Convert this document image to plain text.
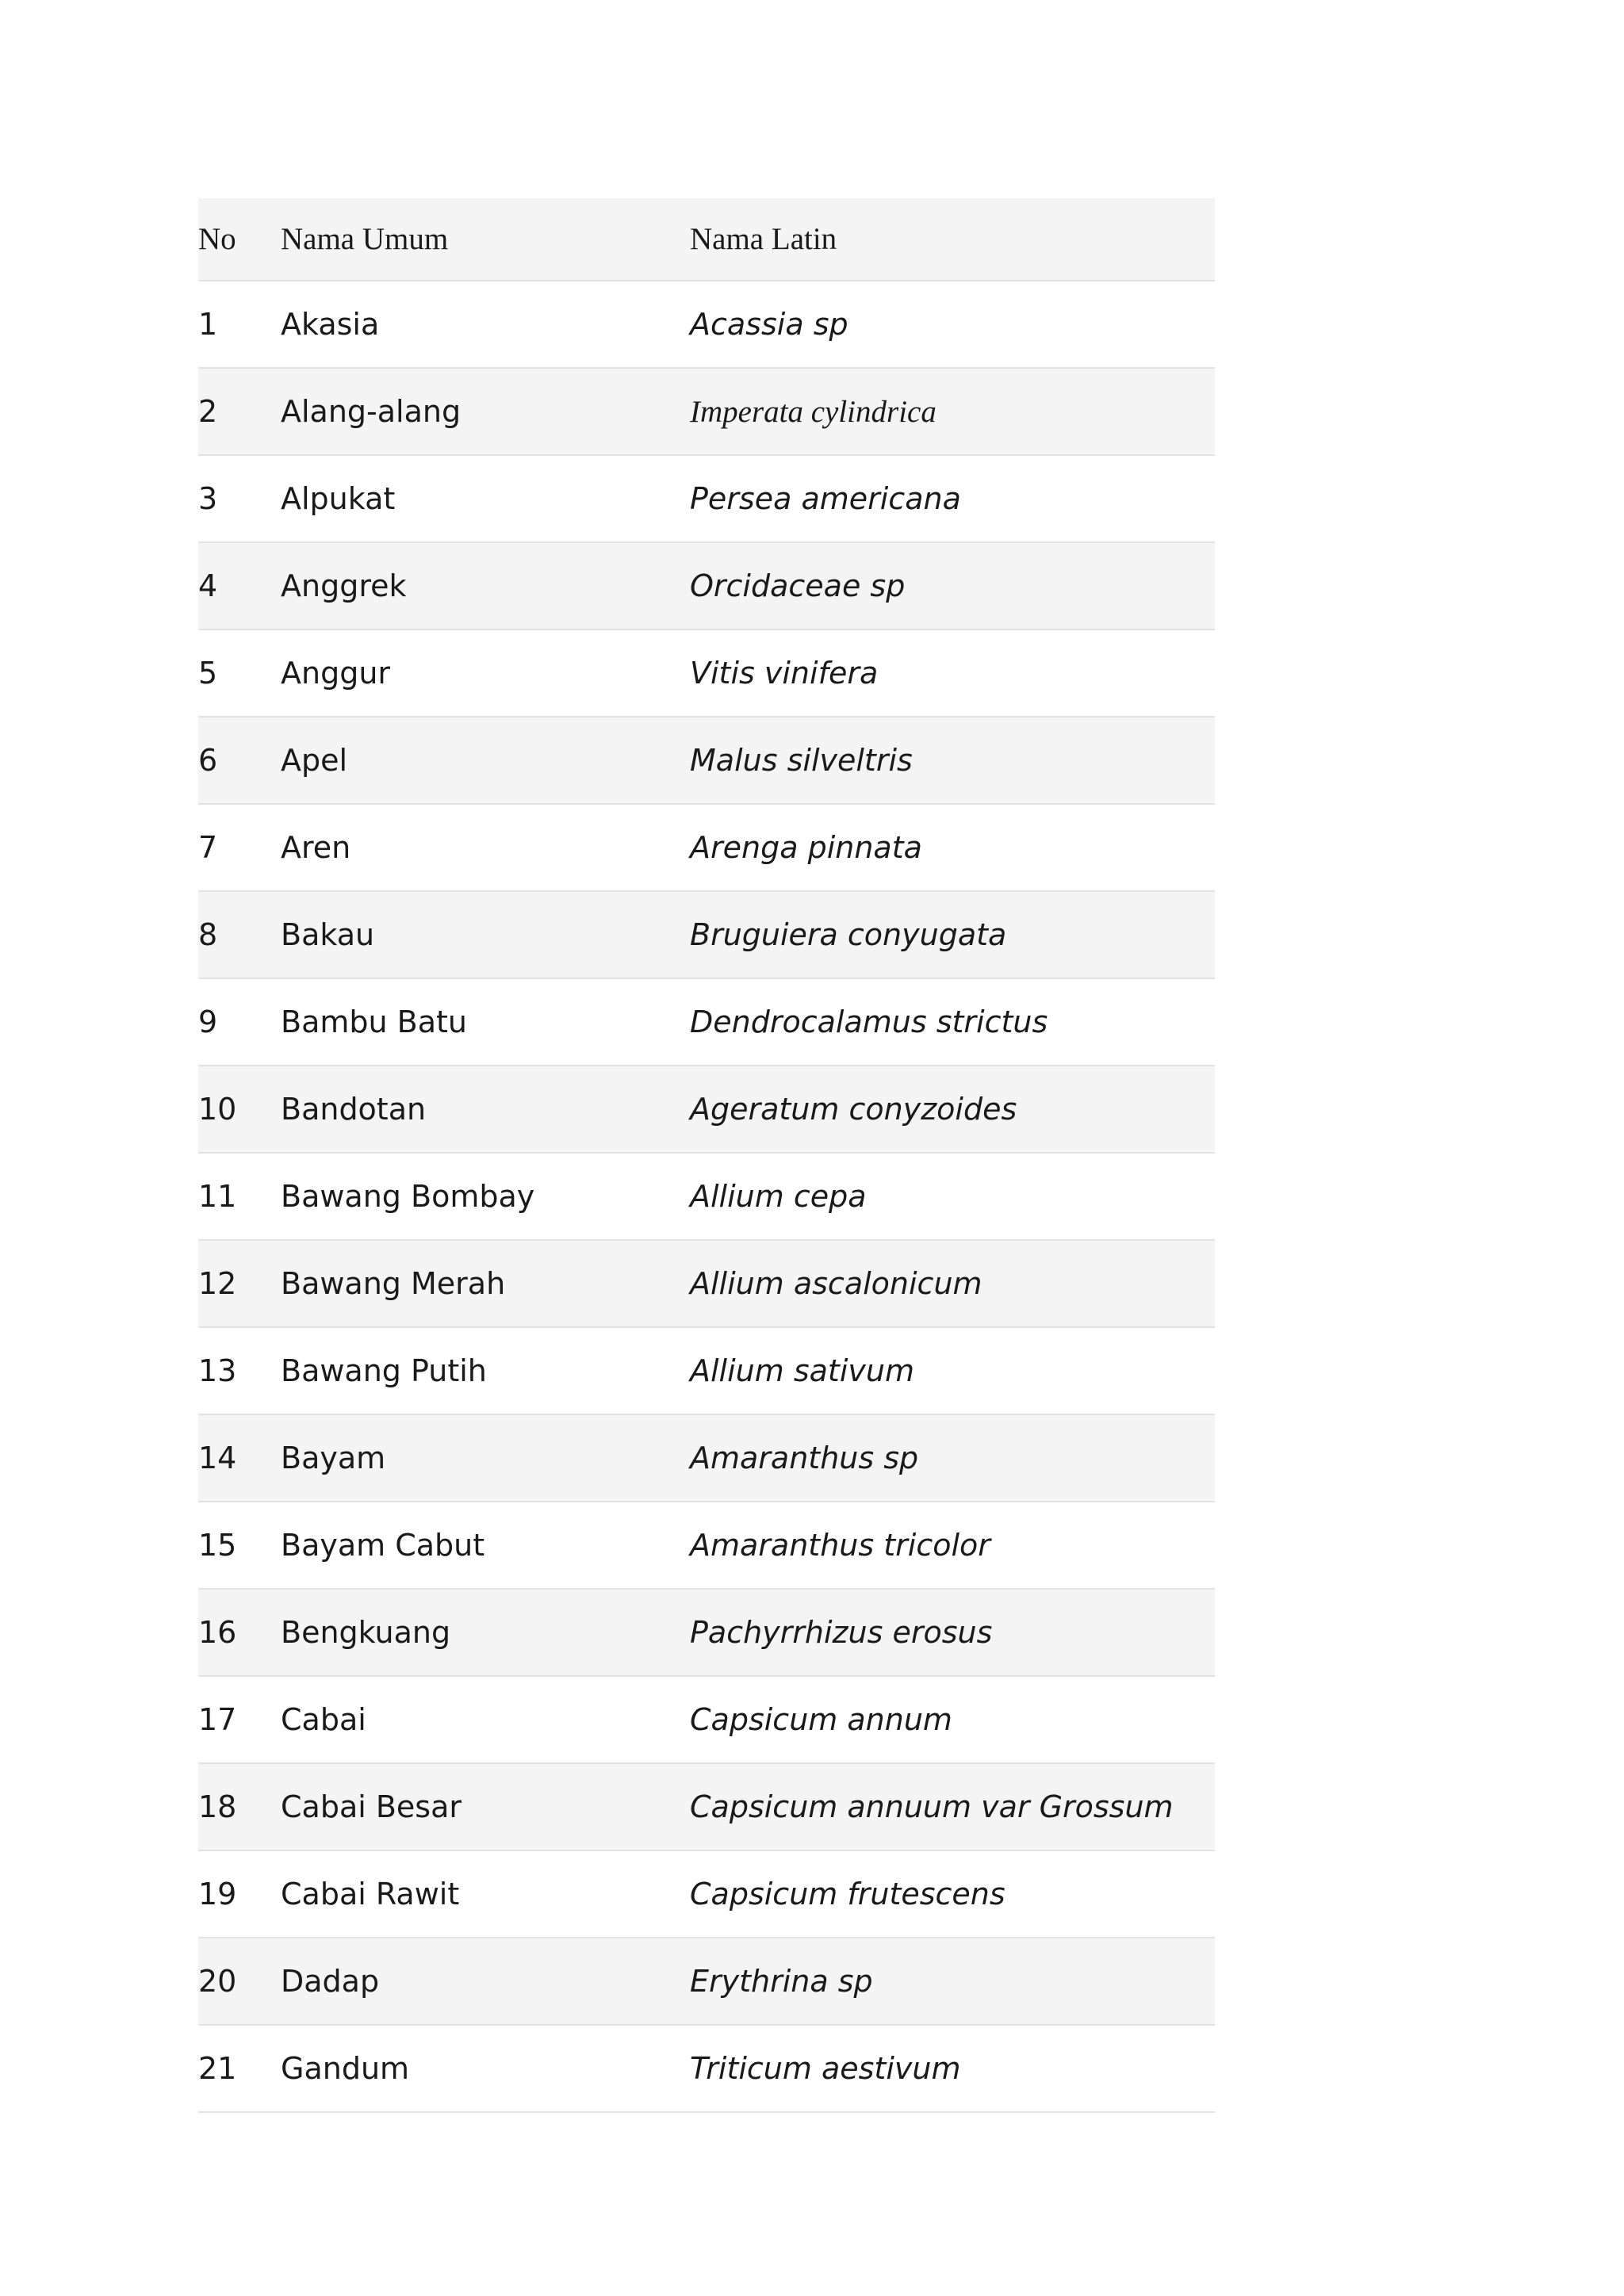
No	Nama Umum	Nama Latin
1	Akasia	Acassia sp
2	Alang-alang	Imperata cylindrica
3	Alpukat	Persea americana
4	Anggrek	Orcidaceae sp
5	Anggur	Vitis vinifera
6	Apel	Malus silveltris
7	Aren	Arenga pinnata
8	Bakau	Bruguiera conyugata
9	Bambu Batu	Dendrocalamus strictus
10	Bandotan	Ageratum conyzoides
11	Bawang Bombay	Allium cepa
12	Bawang Merah	Allium ascalonicum
13	Bawang Putih	Allium sativum
14	Bayam	Amaranthus sp
15	Bayam Cabut	Amaranthus tricolor
16	Bengkuang	Pachyrrhizus erosus
17	Cabai	Capsicum annum
18	Cabai Besar	Capsicum annuum var Grossum
19	Cabai Rawit	Capsicum frutescens
20	Dadap	Erythrina sp
21	Gandum	Triticum aestivum
